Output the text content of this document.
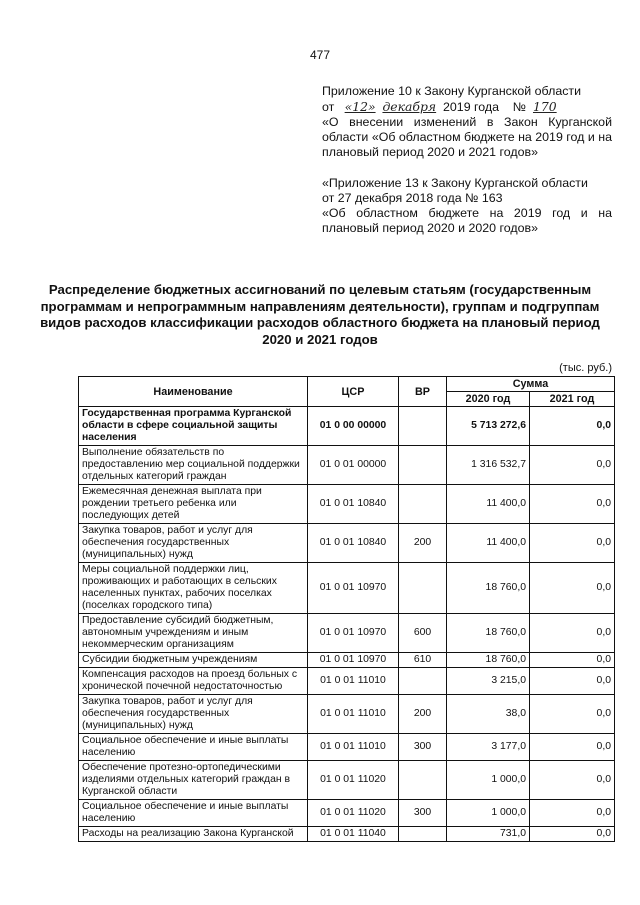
477

Приложение 10 к Закону Курганской области

от «12» декабря 2019 года № 170

«О внесении изменений в Закон Курганской области «Об областном бюджете на 2019 год и на плановый период 2020 и 2021 годов»

«Приложение 13 к Закону Курганской области

от 27 декабря 2018 года № 163

«Об областном бюджете на 2019 год и на плановый период 2020 и 2020 годов»

Распределение бюджетных ассигнований по целевым статьям (государственным программам и непрограммным направлениям деятельности), группам и подгруппам видов расходов классификации расходов областного бюджета на плановый период 2020 и 2021 годов
(тыс. руб.)
Наименование	ЦСР	ВР	Сумма	
			2020 год	2021 год
Государственная программа Курганской области в сфере социальной защиты населения	01 0 00 00000		5 713 272,6	0,0
Выполнение обязательств по предоставлению мер социальной поддержки отдельных категорий граждан	01 0 01 00000		1 316 532,7	0,0
Ежемесячная денежная выплата при рождении третьего ребенка или последующих детей	01 0 01 10840		11 400,0	0,0
Закупка товаров, работ и услуг для обеспечения государственных (муниципальных) нужд	01 0 01 10840	200	11 400,0	0,0
Меры социальной поддержки лиц, проживающих и работающих в сельских населенных пунктах, рабочих поселках (поселках городского типа)	01 0 01 10970		18 760,0	0,0
Предоставление субсидий бюджетным, автономным учреждениям и иным некоммерческим организациям	01 0 01 10970	600	18 760,0	0,0
Субсидии бюджетным учреждениям	01 0 01 10970	610	18 760,0	0,0
Компенсация расходов на проезд больных с хронической почечной недостаточностью	01 0 01 11010		3 215,0	0,0
Закупка товаров, работ и услуг для обеспечения государственных (муниципальных) нужд	01 0 01 11010	200	38,0	0,0
Социальное обеспечение и иные выплаты населению	01 0 01 11010	300	3 177,0	0,0
Обеспечение протезно-ортопедическими изделиями отдельных категорий граждан в Курганской области	01 0 01 11020		1 000,0	0,0
Социальное обеспечение и иные выплаты населению	01 0 01 11020	300	1 000,0	0,0
Расходы на реализацию Закона Курганской	01 0 01 11040		731,0	0,0
